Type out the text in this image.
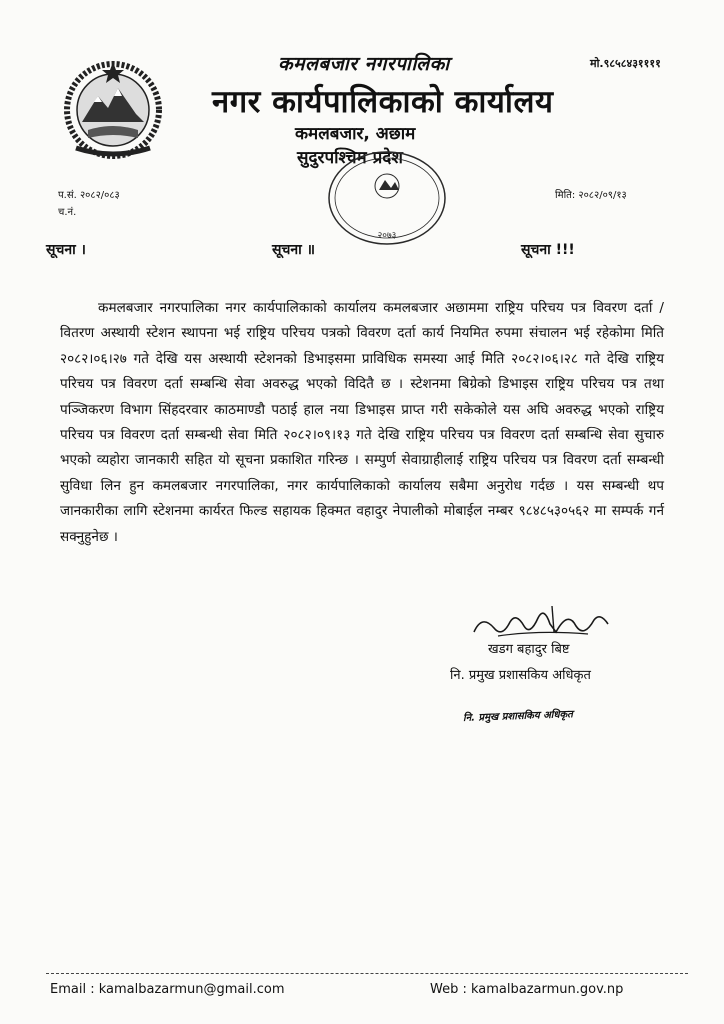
कमलबजार नगरपालिका
नगर कार्यपालिकाको कार्यालय
कमलबजार, अछाम
सुदुरपश्चिम प्रदेश
मो.९८५८४३११११
प.सं. २०८२/०८३
च.नं.
मिति: २०८२/०९/१३
२०७३
सूचना ।	सूचना ॥	सूचना !!!
कमलबजार नगरपालिका नगर कार्यपालिकाको कार्यालय कमलबजार अछाममा राष्ट्रिय परिचय पत्र विवरण दर्ता / वितरण अस्थायी स्टेशन स्थापना भई राष्ट्रिय परिचय पत्रको विवरण दर्ता कार्य नियमित रुपमा संचालन भई रहेकोमा मिति २०८२।०६।२७ गते देखि यस अस्थायी स्टेशनको डिभाइसमा प्राविधिक समस्या आई मिति २०८२।०६।२८ गते देखि राष्ट्रिय परिचय पत्र विवरण दर्ता सम्बन्धि सेवा अवरुद्ध भएको विदितै छ । स्टेशनमा बिग्रेको डिभाइस राष्ट्रिय परिचय पत्र तथा पञ्जिकरण विभाग सिंहदरवार काठमाण्डौ पठाई हाल नया डिभाइस प्राप्त गरी सकेकोले यस अघि अवरुद्ध भएको राष्ट्रिय परिचय पत्र विवरण दर्ता सम्बन्धी सेवा मिति २०८२।०९।१३ गते देखि राष्ट्रिय परिचय पत्र विवरण दर्ता सम्बन्धि सेवा सुचारु भएको व्यहोरा जानकारी सहित यो सूचना प्रकाशित गरिन्छ । सम्पुर्ण सेवाग्राहीलाई राष्ट्रिय परिचय पत्र विवरण दर्ता सम्बन्धी सुविधा लिन हुन कमलबजार नगरपालिका, नगर कार्यपालिकाको कार्यालय सबैमा अनुरोध गर्दछ । यस सम्बन्धी थप जानकारीका लागि स्टेशनमा कार्यरत फिल्ड सहायक हिक्मत वहादुर नेपालीको मोबाईल नम्बर ९८४८५३०५६२ मा सम्पर्क गर्न सक्नुहुनेछ ।
खडग बहादुर बिष्ट
नि. प्रमुख प्रशासकिय अधिकृत
नि. प्रमुख प्रशासकिय अधिकृत
Email : kamalbazarmun@gmail.com	Web : kamalbazarmun.gov.np
